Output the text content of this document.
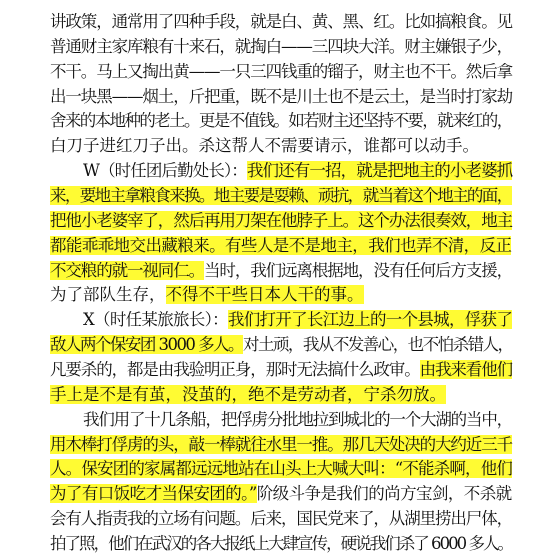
讲政策，通常用了四种手段，就是白、黄、黑、红。比如搞粮食。见
普通财主家库粮有十来石，就掏白——三四块大洋。财主嫌银子少，
不干。马上又掏出黄——一只三四钱重的镏子，财主也不干。然后拿
出一块黑——烟土，斤把重，既不是川土也不是云土，是当时打家劫
舍来的本地种的老土。更是不值钱。如若财主还坚持不要，就来红的，
白刀子进红刀子出。杀这帮人不需要请示，谁都可以动手。
W（时任团后勤处长）：我们还有一招，就是把地主的小老婆抓
来，要地主拿粮食来换。地主要是耍赖、顽抗，就当着这个地主的面，
把他小老婆宰了，然后再用刀架在他脖子上。这个办法很奏效，地主
都能乖乖地交出藏粮来。有些人是不是地主，我们也弄不清，反正
不交粮的就一视同仁。当时，我们远离根据地，没有任何后方支援，
为了部队生存，不得不干些日本人干的事。
X（时任某旅旅长）：我们打开了长江边上的一个县城，俘获了
敌人两个保安团 3000 多人。对土顽，我从不发善心，也不怕杀错人，
凡要杀的，都是由我验明正身，那时无法搞什么政审。由我来看他们
手上是不是有茧，没茧的，绝不是劳动者，宁杀勿放。
我们用了十几条船，把俘虏分批地拉到城北的一个大湖的当中，
用木棒打俘虏的头，敲一棒就往水里一推。那几天处决的大约近三千
人。保安团的家属都远远地站在山头上大喊大叫：“不能杀啊，他们
为了有口饭吃才当保安团的。”阶级斗争是我们的尚方宝剑，不杀就
会有人指责我的立场有问题。后来，国民党来了，从湖里捞出尸体，
拍了照，他们在武汉的各大报纸上大肆宣传，硬说我们杀了 6000 多人。
